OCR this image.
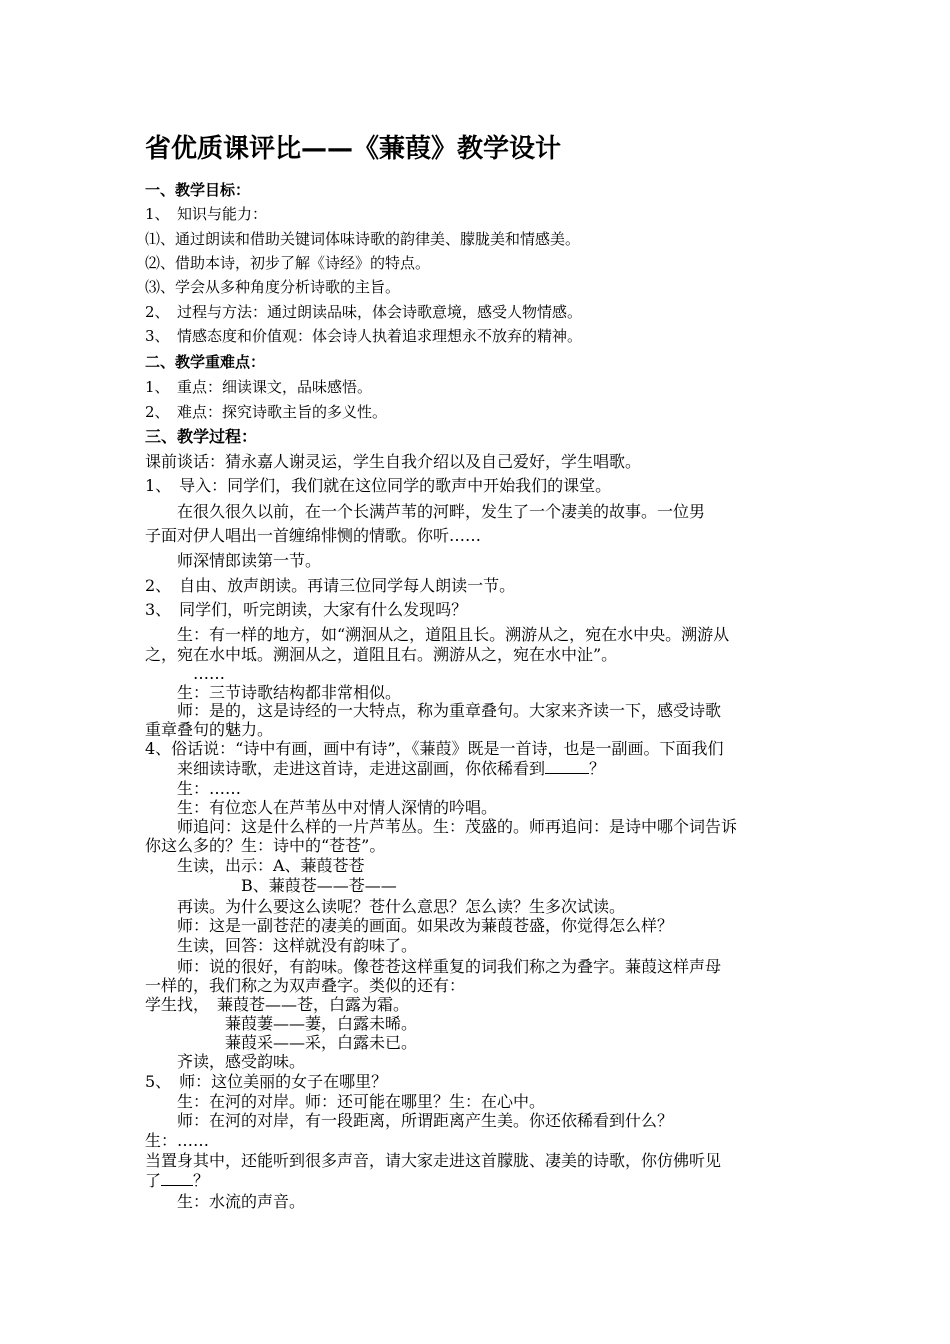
省优质课评比——《蒹葭》教学设计
一、教学目标：
1、　知识与能力：
⑴、通过朗读和借助关键词体味诗歌的韵律美、朦胧美和情感美。
⑵、借助本诗，初步了解《诗经》的特点。
⑶、学会从多种角度分析诗歌的主旨。
2、　过程与方法：通过朗读品味，体会诗歌意境，感受人物情感。
3、　情感态度和价值观：体会诗人执着追求理想永不放弃的精神。
二、教学重难点：
1、　重点：细读课文，品味感悟。
2、　难点：探究诗歌主旨的多义性。
三、教学过程：
课前谈话：猜永嘉人谢灵运，学生自我介绍以及自己爱好，学生唱歌。
1、　导入：同学们，我们就在这位同学的歌声中开始我们的课堂。
　　在很久很久以前，在一个长满芦苇的河畔，发生了一个凄美的故事。一位男
子面对伊人唱出一首缠绵悱恻的情歌。你听……
　　师深情郎读第一节。
2、　自由、放声朗读。再请三位同学每人朗读一节。
3、　同学们，听完朗读，大家有什么发现吗？
　　生：有一样的地方，如“溯洄从之，道阻且长。溯游从之，宛在水中央。溯游从
之，宛在水中坻。溯洄从之，道阻且右。溯游从之，宛在水中沚”。
　　　……
　　生：三节诗歌结构都非常相似。
　　师：是的，这是诗经的一大特点，称为重章叠句。大家来齐读一下，感受诗歌
重章叠句的魅力。
4、俗话说：“诗中有画，画中有诗”，《蒹葭》既是一首诗，也是一副画。下面我们
　　来细读诗歌，走进这首诗，走进这副画，你依稀看到	？
　　生：……
　　生：有位恋人在芦苇丛中对情人深情的吟唱。
　　师追问：这是什么样的一片芦苇丛。生：茂盛的。师再追问：是诗中哪个词告诉
你这么多的？生：诗中的“苍苍”。
　　生读，出示：A、蒹葭苍苍
　　　　　　B、蒹葭苍——苍——
　　再读。为什么要这么读呢？苍什么意思？怎么读？生多次试读。
　　师：这是一副苍茫的凄美的画面。如果改为蒹葭苍盛，你觉得怎么样？
　　生读，回答：这样就没有韵味了。
　　师：说的很好，有韵味。像苍苍这样重复的词我们称之为叠字。蒹葭这样声母
一样的，我们称之为双声叠字。类似的还有：
学生找，　蒹葭苍——苍，白露为霜。
　　　　　蒹葭萋——萋，白露未晞。
　　　　　蒹葭采——采，白露未已。
　　齐读，感受韵味。
5、　师：这位美丽的女子在哪里？
　　生：在河的对岸。师：还可能在哪里？生：在心中。
　　师：在河的对岸，有一段距离，所谓距离产生美。你还依稀看到什么？
生：……
当置身其中，还能听到很多声音，请大家走进这首朦胧、凄美的诗歌，你仿佛听见
了 ？
　　生：水流的声音。
